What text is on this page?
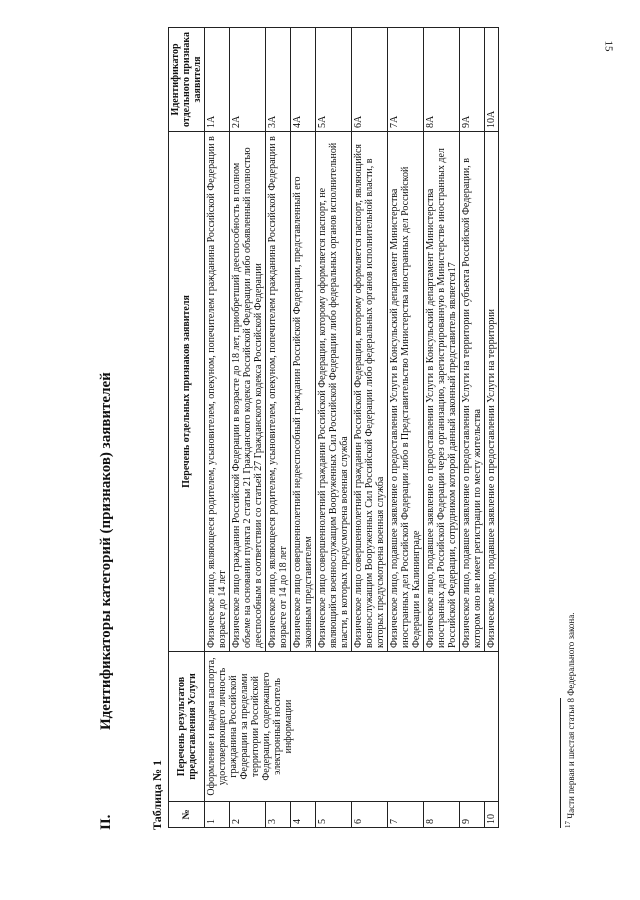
15
II.
Идентификаторы категорий (признаков) заявителей
Таблица № 1 №	Перечень результатов предоставления Услуги	Перечень отдельных признаков заявителя	Идентификатор отдельного признака заявителя
1	Оформление и выдача паспорта, удостоверяющего личность гражданина Российской Федерации за пределами территории Российской Федерации, содержащего электронный носитель информации	Физическое лицо, являющееся родителем, усыновителем, опекуном, попечителем гражданина Российской Федерации в возрасте до 14 лет	1А
2		Физическое лицо гражданин Российской Федерации в возрасте до 18 лет, приобретший дееспособность в полном объеме на основании пункта 2 статьи 21 Гражданского кодекса Российской Федерации либо объявленный полностью дееспособным в соответствии со статьей 27 Гражданского кодекса Российской Федерации	2А
3		Физическое лицо, являющееся родителем, усыновителем, опекуном, попечителем гражданина Российской Федерации в возрасте от 14 до 18 лет	3А
4		Физическое лицо совершеннолетний недееспособный гражданин Российской Федерации, представленный его законным представителем	4А
5		Физическое лицо совершеннолетний гражданин Российской Федерации, которому оформляется паспорт, не являющийся военнослужащим Вооруженных Сил Российской Федерации либо федеральных органов исполнительной власти, в которых предусмотрена военная служба	5А
6		Физическое лицо совершеннолетний гражданин Российской Федерации, которому оформляется паспорт, являющийся военнослужащим Вооруженных Сил Российской Федерации либо федеральных органов исполнительной власти, в которых предусмотрена военная служба	6А
7		Физическое лицо, подавшее заявление о предоставлении Услуги в Консульский департамент Министерства иностранных дел Российской Федерации либо в Представительство Министерства иностранных дел Российской Федерации в Калининграде	7А
8		Физическое лицо, подавшее заявление о предоставлении Услуги в Консульский департамент Министерства иностранных дел Российской Федерации через организацию, зарегистрированную в Министерстве иностранных дел Российской Федерации, сотрудником которой данный законный представитель является17	8А
9		Физическое лицо, подавшее заявление о предоставлении Услуги на территории субъекта Российской Федерации, в котором оно не имеет регистрации по месту жительства	9А
10		Физическое лицо, подавшее заявление о предоставлении Услуги на территории	10А
$^{17}$ Части первая и шестая статьи 8 Федерального закона.
